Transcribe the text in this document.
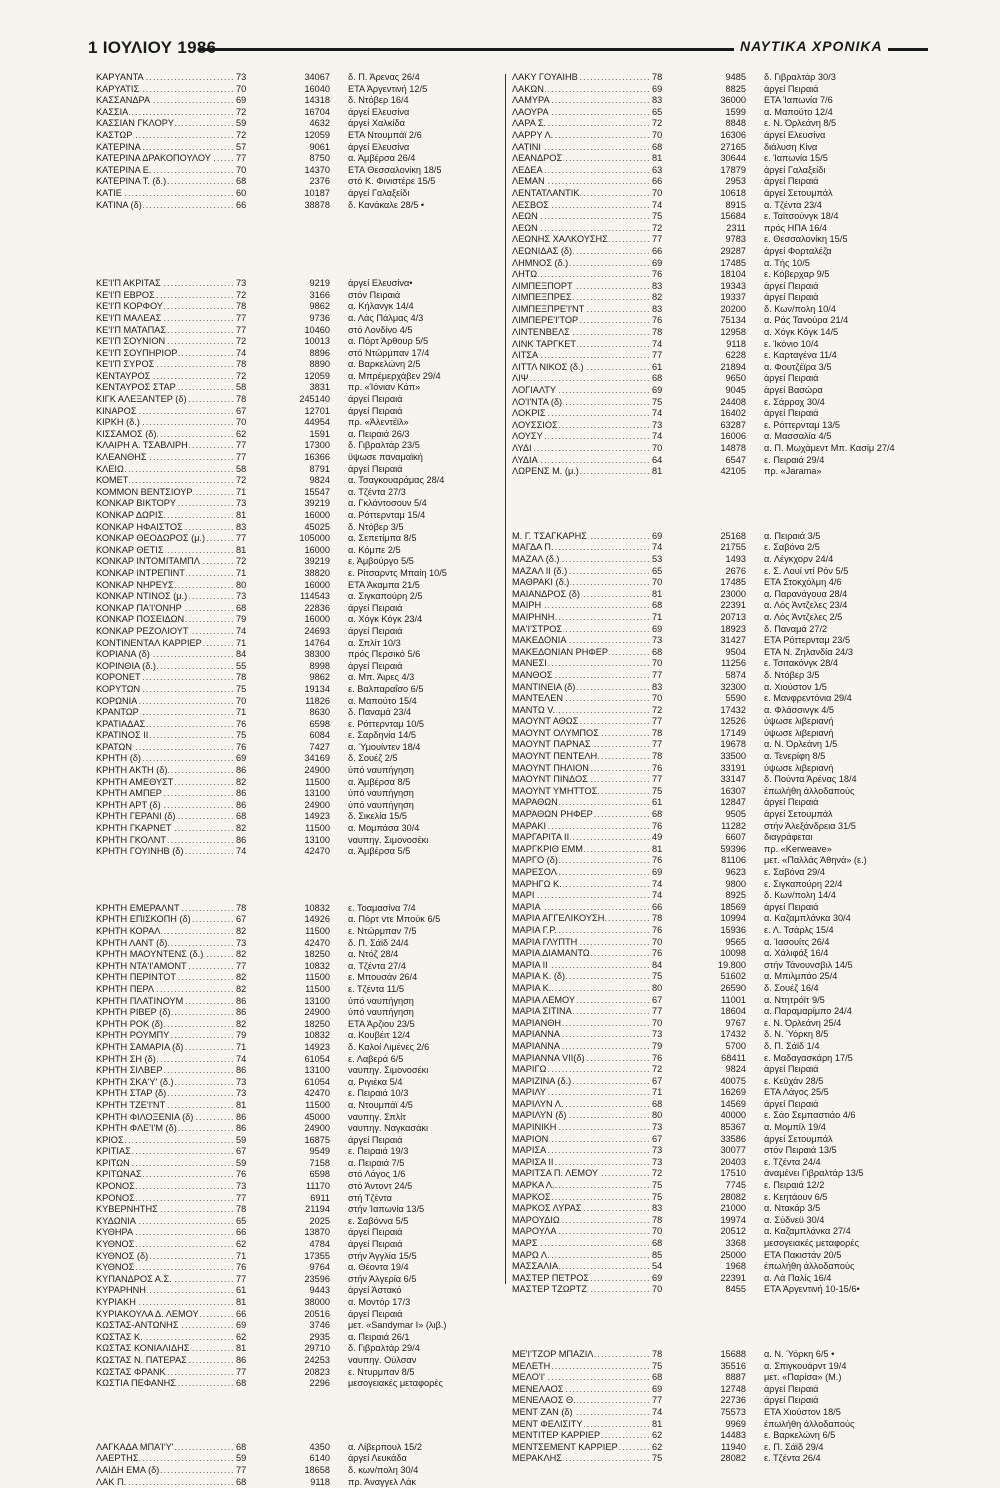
1 ΙΟΥΛΙΟΥ 1986	ΝΑΥΤΙΚΑ ΧΡΟΝΙΚΑ
ΚΑΡΥΑΝΤΑ .....	73	34067	δ. Π. Άρενας 26/4
ΚΑΡΥΑΤΙΣ .....	70	16040	ΕΤΑ Άργεντινή 12/5
ΚΑΣΣΑΝΔΡΑ .....	69	14318	δ. Ντόβερ 16/4
ΚΑΣΣΙΑ .....	72	16704	άργεί Ελευσίνα
ΚΑΣΣΙΑΝ ΓΚΛΟΡΥ .....	59	4632	άργεί Χαλκίδα
ΚΑΣΤΩΡ .....	72	12059	ΕΤΑ Ντουμπάϊ 2/6
ΚΑΤΕΡΙΝΑ .....	57	9061	άργεί Ελευσίνα
ΚΑΤΕΡΙΝΑ ΔΡΑΚΟΠΟΥΛΟΥ .....	77	8750	α. Άμβέρσα 26/4
ΚΑΤΕΡΙΝΑ Ε. .....	70	14370	ΕΤΑ Θεσσαλονίκη 18/5
ΚΑΤΕΡΙΝΑ Τ. (δ.) .....	68	2376	στό Κ. Φινιστέρε 15/5
ΚΑΤΙΕ .....	60	10187	άργεί Γαλαξείδι
ΚΑΤΙΝΑ (δ) .....	66	38878	δ. Κανάκαλε 28/5 •
ΚΕ'Ι'Π ΑΚΡΙΤΑΣ .....	73	9219	άργεί Ελευσίνα•
ΚΕ'Ι'Π ΕΒΡΟΣ .....	72	3166	στόν Πειραιά
ΚΕ'Ι'Π ΚΟΡΦΟΥ .....	78	9862	α. Κήλανγκ 14/4
ΚΕ'Ι'Π ΜΑΛΕΑΣ .....	77	9736	α. Λάς Πάλμας 4/3
ΚΕ'Ι'Π ΜΑΤΑΠΑΣ .....	77	10460	στό Λονδίνο 4/5
ΚΕ'Ι'Π ΣΟΥΝΙΟΝ .....	72	10013	α. Πόρτ Άρθουρ 5/5
ΚΕ'Ι'Π ΣΟΥΠΗΡΙΟΡ .....	74	8896	στό Ντώρμπαν 17/4
ΚΕ'Ι'Π ΣΥΡΟΣ .....	78	8890	α. Βαρκελώνη 2/5
ΚΕΝΤΑΥΡΟΣ .....	72	12059	α. Μπρέμερχάβεν 29/4
ΚΕΝΤΑΥΡΟΣ ΣΤΑΡ .....	58	3831	πρ. «Ίόνιαν Κάπ»
ΚΙΓΚ ΑΛΕΞΑΝΤΕΡ (δ) .....	78	245140	άργεί Πειραιά
ΚΙΝΑΡΟΣ .....	67	12701	άργεί Πειραιά
ΚΙΡΚΗ (δ.) .....	70	44954	πρ. «Άλεντέϊλ»
ΚΙΣΣΑΜΟΣ (δ) .....	62	1591	α. Πειραιά 26/3
ΚΛΑΙΡΗ Α. ΤΣΑΒΛΙΡΗ .....	77	17300	δ. Γιβραλτάρ 23/5
ΚΛΕΑΝΘΗΣ .....	77	16366	ϋψωσε παναμαϊκή
ΚΛΕΙΩ .....	58	8791	άργεί Πειραιά
ΚΟΜΕΤ .....	72	9824	α. Τσαγκουαράμας 28/4
ΚΟΜΜΟΝ ΒΕΝΤΣΙΟΥΡ .....	71	15547	α. Τζέντα 27/3
ΚΟΝΚΑΡ ΒΙΚΤΟΡΥ .....	73	39219	α. Γκλάντοσουν 5/4
ΚΟΝΚΑΡ ΔΩΡΙΣ .....	81	16000	α. Ρόττερνταμ 15/4
ΚΟΝΚΑΡ ΗΦΑΙΣΤΟΣ .....	83	45025	δ. Ντόβερ 3/5
ΚΟΝΚΑΡ ΘΕΟΔΩΡΟΣ (μ.) .....	77	105000	α. Σεπετίμπα 8/5
ΚΟΝΚΑΡ ΘΕΤΙΣ .....	81	16000	α. Κόμπε 2/5
ΚΟΝΚΑΡ ΙΝΤΟΜΙΤΑΜΠΛ .....	72	39219	ε. Άμβούργο 5/5
ΚΟΝΚΑΡ ΙΝΤΡΕΠΙΝΤ .....	71	38820	ε. Ρίτσαρντς Μπαίη 10/5
ΚΟΝΚΑΡ ΝΗΡΕΥΣ .....	80	16000	ΕΤΑ Άκαμπα 21/5
ΚΟΝΚΑΡ ΝΤΙΝΟΣ (μ.) .....	73	114543	α. Σιγκαπούρη 2/5
ΚΟΝΚΑΡ ΠΑ'Ι'ΟΝΗΡ .....	68	22836	άργεί Πειραιά
ΚΟΝΚΑΡ ΠΟΣΕΙΔΩΝ .....	79	16000	α. Χόγκ Κόγκ 23/4
ΚΟΝΚΑΡ ΡΕΖΟΛΙΟΥΤ .....	74	24693	άργεί Πειραιά
ΚΟΝΤΙΝΕΝΤΑΛ ΚΑΡΡΙΕΡ .....	71	14764	α. Σπλίτ 10/3
ΚΟΡΙΑΝΑ (δ) .....	84	38300	πρός Περσικό 5/6
ΚΟΡΙΝΘΙΑ (δ.) .....	55	8998	άργεί Πειραιά
ΚΟΡΟΝΕΤ .....	78	9862	α. Μπ. Άιρες 4/3
ΚΟΡΥΤΩΝ .....	75	19134	ε. Βαλπαραΐσο 6/5
ΚΟΡΩΝΙΑ .....	70	11826	α. Μαπούτο 15/4
ΚΡΑΝΤΩΡ .....	71	8630	δ. Παναμά 23/4
ΚΡΑΤΙΑΔΑΣ .....	76	6598	ε. Ρόττερνταμ 10/5
ΚΡΑΤΙΝΟΣ ΙΙ .....	75	6084	ε. Σαρδηνία 14/5
ΚΡΑΤΩΝ .....	76	7427	α. Ύμουίντεν 18/4
ΚΡΗΤΗ (δ) .....	69	34169	δ. Σουέζ 2/5
ΚΡΗΤΗ ΑΚΤΗ (δ) .....	86	24900	ύπό ναυπήγηση
ΚΡΗΤΗ ΑΜΕΘΥΣΤ .....	82	11500	α. Άμβέρσα 8/5
ΚΡΗΤΗ ΑΜΠΕΡ .....	86	13100	ύπό ναυπήγηση
ΚΡΗΤΗ ΑΡΤ (δ) .....	86	24900	ύπό ναυπήγηση
ΚΡΗΤΗ ΓΕΡΑΝΙ (δ) .....	68	14923	δ. Σικελία 15/5
ΚΡΗΤΗ ΓΚΑΡΝΕΤ .....	82	11500	α. Μομπάσα 30/4
ΚΡΗΤΗ ΓΚΟΛΝΤ .....	86	13100	ναυπηγ. Σιμονοσέκι
ΚΡΗΤΗ ΓΟΥΙΝΗΒ (δ) .....	74	42470	α. Άμβέρσα 5/5
ΚΡΗΤΗ ΕΜΕΡΑΛΝΤ .....	78	10832	ε. Τοαμασίνα 7/4
ΚΡΗΤΗ ΕΠΙΣΚΟΠΗ (δ) .....	67	14926	α. Πόρτ ντε Μπούκ 6/5
ΚΡΗΤΗ ΚΟΡΑΛ .....	82	11500	ε. Ντώρμπαν 7/5
ΚΡΗΤΗ ΛΑΝΤ (δ) .....	73	42470	δ. Π. Σάϊδ 24/4
ΚΡΗΤΗ ΜΑΟΥΝΤΕΝΣ (δ.) .....	82	18250	α. Ντόζ 28/4
ΚΡΗΤΗ ΝΤΑ'Ι'ΑΜΟΝΤ .....	77	10832	α. Τζέντα 27/4
ΚΡΗΤΗ ΠΕΡΙΝΤΟΤ .....	82	11500	ε. Μπουσάν 26/4
ΚΡΗΤΗ ΠΕΡΛ .....	82	11500	ε. Τζέντα 11/5
ΚΡΗΤΗ ΠΛΑΤΙΝΟΥΜ .....	86	13100	ύπό ναυπήγηση
ΚΡΗΤΗ ΡΙΒΕΡ (δ) .....	86	24900	ύπό ναυπήγηση
ΚΡΗΤΗ ΡΟΚ (δ) .....	82	18250	ΕΤΑ Άρζιου 23/5
ΚΡΗΤΗ ΡΟΥΜΠΥ .....	79	10832	α. Κουβέιτ 12/4
ΚΡΗΤΗ ΣΑΜΑΡΙΑ (δ) .....	71	14923	δ. Καλοί Λιμένες 2/6
ΚΡΗΤΗ ΣΗ (δ) .....	74	61054	ε. Λαβερά 6/5
ΚΡΗΤΗ ΣΙΛΒΕΡ .....	86	13100	ναυπηγ. Σιμονοσέκι
ΚΡΗΤΗ ΣΚΑ'Υ' (δ.) .....	73	61054	α. Ριγιέκα 5/4
ΚΡΗΤΗ ΣΤΑΡ (δ) .....	73	42470	ε. Πειραιά 10/3
ΚΡΗΤΗ ΤΖΕ'Ι'ΝΤ .....	81	11500	α. Ντουμπάϊ 4/5
ΚΡΗΤΗ ΦΙΛΟΞΕΝΙΑ (δ) .....	86	45000	ναυπηγ. Σπλίτ
ΚΡΗΤΗ ΦΛΕ'Ι'Μ (δ) .....	86	24900	ναυπηγ. Ναγκασάκι
ΚΡΙΟΣ .....	59	16875	άργεί Πειραιά
ΚΡΙΤΙΑΣ .....	67	9549	ε. Πειραιά 19/3
ΚΡΙΤΩΝ .....	59	7158	α. Πειραιά 7/5
ΚΡΙΤΩΝΑΣ .....	76	6598	στό Λάγος 1/6
ΚΡΟΝΟΣ .....	73	11170	στό Άντοντ 24/5
ΚΡΟΝΟΣ .....	77	6911	στή Τζέντα
ΚΥΒΕΡΝΗΤΗΣ .....	78	21194	στήν Ίαπωνία 13/5
ΚΥΔΩΝΙΑ .....	65	2025	ε. Σαβόννα 5/5
ΚΥΘΗΡΑ .....	66	13870	άργεί Πειραιά
ΚΥΘΝΟΣ .....	62	4784	άργεί Πειραιά
ΚΥΘΝΟΣ (δ) .....	71	17355	στήν Άγγλία 15/5
ΚΥΘΝΟΣ .....	76	9764	α. Θέοντα 19/4
ΚΥΠΑΝΔΡΟΣ Α.Σ. .....	77	23596	στήν Άλγερία 6/5
ΚΥΡΑΡΗΝΗ .....	61	9443	άργεί Άστακό
ΚΥΡΙΑΚΗ .....	81	38000	α. Μοντόρ 17/3
ΚΥΡΙΑΚΟΥΛΑ Δ. ΛΕΜΟΥ .....	66	20516	άργεί Πειραιά
ΚΩΣΤΑΣ-ΑΝΤΩΝΗΣ .....	69	3746	μετ. «Sandymar I» (λιβ.)
ΚΩΣΤΑΣ Κ. .....	62	2935	α. Πειραιά 26/1
ΚΩΣΤΑΣ ΚΟΝΙΑΛΙΔΗΣ .....	81	29710	δ. Γιβραλτάρ 29/4
ΚΩΣΤΑΣ Ν. ΠΑΤΕΡΑΣ .....	86	24253	ναυπηγ. Ούλσαν
ΚΩΣΤΑΣ ΦΡΑΝΚ .....	77	20823	ε. Ντυρμπαν 8/5
ΚΩΣΤΙΑ ΠΕΦΑΝΗΣ .....	68	2296	μεσογειακές μεταφορές
ΛΑΓΚΑΔΑ ΜΠΑΊ'Υ' .....	68	4350	α. Λίβερπουλ 15/2
ΛΑΕΡΤΗΣ .....	59	6140	άργεί Λευκάδα
ΛΑΙΔΗ ΕΜΑ (δ) .....	77	18658	δ. κων/πολη 30/4
ΛΑΚ Π. .....	68	9118	πρ. Άναγγελ Λάκ
ΛΑΚΥ ΓΟΥΑΙΗΒ .....	78	9485	δ. Γιβραλτάρ 30/3
ΛΑΚΩΝ .....	69	8825	άργεί Πειραιά
ΛΑΜΥΡΑ .....	83	36000	ΕΤΑ Ίαπωνία 7/6
ΛΑΟΥΡΑ .....	65	1599	α. Μαπούτο 12/4
ΛΑΡΑ Σ. .....	72	8848	ε. Ν. Όρλεάνη 8/5
ΛΑΡΡΥ Λ. .....	70	16306	άργεί Ελευσίνα
ΛΑΤΙΝΙ .....	68	27165	διάλυση Κίνα
ΛΕΑΝΔΡΟΣ .....	81	30644	ε. Ίαπωνία 15/5
ΛΕΔΕΑ .....	63	17879	άργεί Γαλαξείδι
ΛΕΜΑΝ .....	66	2953	άργεί Πειραιά
ΛΕΝΤΑΤΛΑΝΤΙΚ .....	70	10618	άργεί Σετουμπάλ
ΛΕΣΒΟΣ .....	74	8915	α. Τζέντα 23/4
ΛΕΩΝ .....	75	15684	ε. Ταϊτσούνγκ 18/4
ΛΕΩΝ .....	72	2311	πρός ΗΠΑ 16/4
ΛΕΩΝΗΣ ΧΑΛΚΟΥΣΗΣ .....	77	9783	ε. Θεσσαλονίκη 15/5
ΛΕΩΝΙΔΑΣ (δ) .....	66	29287	άργεί Φορταλέζα
ΛΗΜΝΟΣ (δ.) .....	69	17485	α. Τής 10/5
ΛΗΤΩ .....	76	18104	ε. Κόβερχαρ 9/5
ΛΙΜΠΕΞΠΟΡΤ .....	83	19343	άργεί Πειραιά
ΛΙΜΠΕΞΠΡΕΣ .....	82	19337	άργεί Πειραιά
ΛΙΜΠΕΞΠΡΕ'Ι'ΝΤ .....	83	20200	δ. Κων/πολη 10/4
ΛΙΜΠΕΡΕ'Ι'ΤΟΡ .....	76	75134	α. Ράς Τανούρα 21/4
ΛΙΝΤΕΝΒΕΛΣ .....	78	12958	α. Χόγκ Κόγκ 14/5
ΛΙΝΚ ΤΑΡΓΚΕΤ .....	74	9118	ε. Ίκόνιο 10/4
ΛΙΤΣΑ .....	77	6228	ε. Καρταγένα 11/4
ΛΙΤΤΛ ΝΙΚΟΣ (δ.) .....	61	21894	α. Φουτζέϊρα 3/5
ΛΙΨ .....	68	9650	άργεί Πειραιά
ΛΟΓΙΑΛΤΥ .....	69	9045	άργεί Βασώρα
ΛΟ'Ι'ΝΤΑ (δ) .....	75	24408	ε. Σάρροχ 30/4
ΛΟΚΡΙΣ .....	74	16402	άργεί Πειραιά
ΛΟΥΣΣΙΟΣ .....	73	63287	ε. Ρόττερνταμ 13/5
ΛΟΥΣΥ .....	74	16006	α. Μασσαλία 4/5
ΛΥΔΙ .....	70	14878	α. Π. Μωχάμεντ Μπ. Κασίμ 27/4
ΛΥΔΙΑ .....	64	6547	ε. Πειραιά 29/4
ΛΩΡΕΝΣ Μ. (μ.) .....	81	42105	πρ. «Jarama»
Μ. Γ. ΤΣΑΓΚΑΡΗΣ .....	69	25168	α. Πειραιά 3/5
ΜΑΓΔΑ Π. .....	74	21755	ε. Σαβόνα 2/5
ΜΑΖΑΛ (δ.) .....	53	1493	α. Λέγκχορν 24/4
ΜΑΖΑΛ ΙΙ (δ.) .....	65	2676	ε. Σ. Λουί ντί Ρόν 5/5
ΜΑΘΡΑΚΙ (δ.) .....	70	17485	ΕΤΑ Στοκχόλμη 4/6
ΜΑΙΑΝΔΡΟΣ (δ) .....	81	23000	α. Παρανάγουα 28/4
ΜΑΙΡΗ .....	68	22391	α. Λός Άντζελες 23/4
ΜΑΙΡΗΝΗ .....	71	20713	α. Λός Άντζελες 2/5
ΜΑ'Ι'ΣΤΡΟΣ .....	69	18923	δ. Παναμά 27/2
ΜΑΚΕΔΟΝΙΑ .....	73	31427	ΕΤΑ Ρόττερνταμ 23/5
ΜΑΚΕΔΟΝΙΑΝ ΡΗΦΕΡ .....	68	9504	ΕΤΑ Ν. Ζηλανδία 24/3
ΜΑΝΕΣΙ .....	70	11256	ε. Τσιτακόνγκ 28/4
ΜΑΝΘΟΣ .....	77	5874	δ. Ντόβερ 3/5
ΜΑΝΤΙΝΕΙΑ (δ) .....	83	32300	α. Χιούστον 1/5
ΜΑΝΤΕΛΕΝ .....	70	5590	ε. Μανφρεντόνια 29/4
ΜΑΝΤΩ V. .....	72	17432	α. Φλάσσινγκ 4/5
ΜΑΟΥΝΤ ΑΘΩΣ .....	77	12526	ύψωσε λιβεριανή
ΜΑΟΥΝΤ ΟΛΥΜΠΟΣ .....	78	17149	ύψωσε λιβεριανή
ΜΑΟΥΝΤ ΠΑΡΝΑΣ .....	77	19678	α. Ν. Όρλεάνη 1/5
ΜΑΟΥΝΤ ΠΕΝΤΕΛΗ .....	78	33500	α. Τενερίφη 8/5
ΜΑΟΥΝΤ ΠΗΛΙΟΝ .....	76	33191	ύψωσε λιβεριανή
ΜΑΟΥΝΤ ΠΙΝΔΟΣ .....	77	33147	δ. Πούντα Άρένας 18/4
ΜΑΟΥΝΤ ΥΜΗΤΤΟΣ .....	75	16307	έπωλήθη άλλοδαπούς
ΜΑΡΑΘΩΝ .....	61	12847	άργεί Πειραιά
ΜΑΡΑΘΩΝ ΡΗΦΕΡ .....	68	9505	άργεί Σετουμπάλ
ΜΑΡΑΚΙ .....	76	11282	στήν Άλεξάνδρεια 31/5
ΜΑΡΓΑΡΙΤΑ ΙΙ .....	49	6607	διαγράφεται
ΜΑΡΓΚΡΙΘ ΕΜΜ .....	81	59396	πρ. «Kerweave»
ΜΑΡΓΟ (δ) .....	76	81106	μετ. «Παλλάς Άθηνά» (ε.)
ΜΑΡΕΣΟΛ .....	69	9623	ε. Σαβόνα 29/4
ΜΑΡΗΓΩ Κ. .....	74	9800	ε. Σιγκαπούρη 22/4
ΜΑΡΙ .....	74	8925	δ. Κων/πολη 14/4
ΜΑΡΙΑ .....	66	18569	άργεί Πειραιά
ΜΑΡΙΑ ΑΓΓΕΛΙΚΟΥΣΗ .....	78	10994	α. Καζαμπλάνκα 30/4
ΜΑΡΙΑ Γ.Ρ. .....	76	15936	ε. Λ. Τσάρλς 15/4
ΜΑΡΙΑ ΓΛΥΠΤΗ .....	70	9565	α. Ίασουίτς 26/4
ΜΑΡΙΑ ΔΙΑΜΑΝΤΩ .....	76	10098	α. Χάλιφάξ 16/4
ΜΑΡΙΑ ΙΙ .....	84	19.800	στήν Τάνουνσβιλ 14/5
ΜΑΡΙΑ Κ. (δ) .....	75	51602	α. Μπιλμπάο 25/4
ΜΑΡΙΑ Κ. .....	80	26590	δ. Σουέζ 16/4
ΜΑΡΙΑ ΛΕΜΟΥ .....	67	11001	α. Ντητρόϊτ 9/5
ΜΑΡΙΑ ΣΙΤΙΝΑ .....	77	18604	α. Παραμαρίμπο 24/4
ΜΑΡΙΑΝΘΗ .....	70	9767	ε. Ν. Όρλεάνη 25/4
ΜΑΡΙΑΝΝΑ .....	73	17432	δ. Ν. Ύόρκη 8/5
ΜΑΡΙΑΝΝΑ .....	79	5700	δ. Π. Σάϊδ 1/4
ΜΑΡΙΑΝΝΑ VII(δ) .....	76	68411	ε. Μαδαγασκάρη 17/5
ΜΑΡΙΓΩ .....	72	9824	άργεί Πειραιά
ΜΑΡΙΖΙΝΑ (δ.) .....	67	40075	ε. Κεϋχάν 28/5
ΜΑΡΙΛΥ .....	71	16269	ΕΤΑ Λάγος 25/5
ΜΑΡΙΛΥΝ Λ. .....	68	14569	άργεί Πειραιά
ΜΑΡΙΛΥΝ (δ) .....	80	40000	ε. Σάο Σεμπαστιάο 4/6
ΜΑΡΙΝΙΚΗ .....	73	85367	α. Μομπίλ 19/4
ΜΑΡΙΟΝ .....	67	33586	άργεί Σετουμπάλ
ΜΑΡΙΣΑ .....	73	30077	στόν Πειραιά 13/5
ΜΑΡΙΣΑ ΙΙ .....	73	20403	ε. Τζέντα 24/4
ΜΑΡΙΤΣΑ Π. ΛΕΜΟΥ .....	72	17510	άναμένει Γιβραλτάρ 13/5
ΜΑΡΚΑ Λ. .....	75	7745	ε. Πειραιά 12/2
ΜΑΡΚΟΣ .....	75	28082	ε. Κεητάουν 6/5
ΜΑΡΚΟΣ ΛΥΡΑΣ .....	83	21000	α. Ντακάρ 3/5
ΜΑΡΟΥΔΙΩ .....	78	19974	α. Σύδνεϋ 30/4
ΜΑΡΟΥΛΑ .....	70	20512	α. Καζαμπλάνκα 27/4
ΜΑΡΣ .....	68	3368	μεσογειακές μεταφορές
ΜΑΡΩ Λ. .....	85	25000	ΕΤΑ Πακιστάν 20/5
ΜΑΣΣΑΛΙΑ .....	54	1968	έπωλήθη άλλοδαπούς
ΜΑΣΤΕΡ ΠΕΤΡΟΣ .....	69	22391	α. Λά Παλίς 16/4
ΜΑΣΤΕΡ ΤΖΩΡΤΖ .....	70	8455	ΕΤΑ Άργεντινή 10-15/6•
ΜΕ'Ι'ΤΖΟΡ ΜΠΑΖΙΛ .....	78	15688	α. Ν. Ύόρκη 6/5 •
ΜΕΛΕΤΗ .....	75	35516	α. Σπιγκουάρντ 19/4
ΜΕΛΟ'Ι' .....	68	8887	μετ. «Παρίσα» (Μ.)
ΜΕΝΕΛΑΟΣ .....	69	12748	άργεί Πειραιά
ΜΕΝΕΛΑΟΣ Θ. .....	77	22736	άργεί Πειραιά
ΜΕΝΤ ΖΑΝ (δ) .....	74	75573	ΕΤΑ Χιούστον 18/5
ΜΕΝΤ ΦΕΛΙΣΙΤΥ .....	81	9969	έπωλήθη άλλοδαπούς
ΜΕΝΤΙΤΕΡ ΚΑΡΡΙΕΡ .....	62	14483	ε. Βαρκελώνη 6/5
ΜΕΝΤΣΕΜΕΝΤ ΚΑΡΡΙΕΡ .....	62	11940	ε. Π. Σάϊδ 29/4
ΜΕΡΑΚΛΗΣ .....	75	28082	ε. Τζέντα 26/4
